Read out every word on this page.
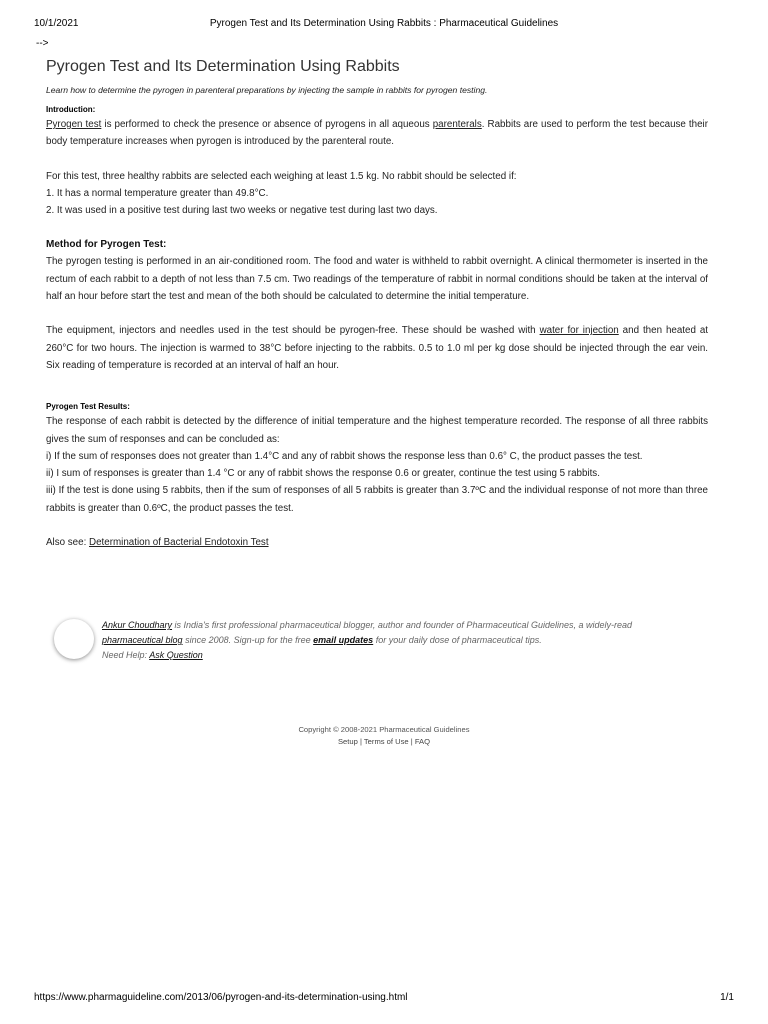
10/1/2021	Pyrogen Test and Its Determination Using Rabbits : Pharmaceutical Guidelines
-->
Pyrogen Test and Its Determination Using Rabbits

Learn how to determine the pyrogen in parenteral preparations by injecting the sample in rabbits for pyrogen testing.

Introduction:

Pyrogen test is performed to check the presence or absence of pyrogens in all aqueous parenterals. Rabbits are used to perform the test because their body temperature increases when pyrogen is introduced by the parenteral route.

For this test, three healthy rabbits are selected each weighing at least 1.5 kg. No rabbit should be selected if:

1. It has a normal temperature greater than 49.8°C.

2. It was used in a positive test during last two weeks or negative test during last two days.

Method for Pyrogen Test:

The pyrogen testing is performed in an air-conditioned room. The food and water is withheld to rabbit overnight. A clinical thermometer is inserted in the rectum of each rabbit to a depth of not less than 7.5 cm. Two readings of the temperature of rabbit in normal conditions should be taken at the interval of half an hour before start the test and mean of the both should be calculated to determine the initial temperature.

The equipment, injectors and needles used in the test should be pyrogen-free. These should be washed with water for injection and then heated at 260°C for two hours. The injection is warmed to 38°C before injecting to the rabbits. 0.5 to 1.0 ml per kg dose should be injected through the ear vein. Six reading of temperature is recorded at an interval of half an hour.

Pyrogen Test Results:

The response of each rabbit is detected by the difference of initial temperature and the highest temperature recorded. The response of all three rabbits gives the sum of responses and can be concluded as:

i) If the sum of responses does not greater than 1.4°C and any of rabbit shows the response less than 0.6° C, the product passes the test.

ii) I sum of responses is greater than 1.4 °C or any of rabbit shows the response 0.6 or greater, continue the test using 5 rabbits.

iii) If the test is done using 5 rabbits, then if the sum of responses of all 5 rabbits is greater than 3.7ºC and the individual response of not more than three rabbits is greater than 0.6ºC, the product passes the test.

Also see: Determination of Bacterial Endotoxin Test

Ankur Choudhary is India's first professional pharmaceutical blogger, author and founder of Pharmaceutical Guidelines, a widely-read
pharmaceutical blog since 2008. Sign-up for the free email updates for your daily dose of pharmaceutical tips.
Need Help: Ask Question
Copyright © 2008-2021 Pharmaceutical Guidelines
Setup | Terms of Use | FAQ
https://www.pharmaguideline.com/2013/06/pyrogen-and-its-determination-using.html	1/1
